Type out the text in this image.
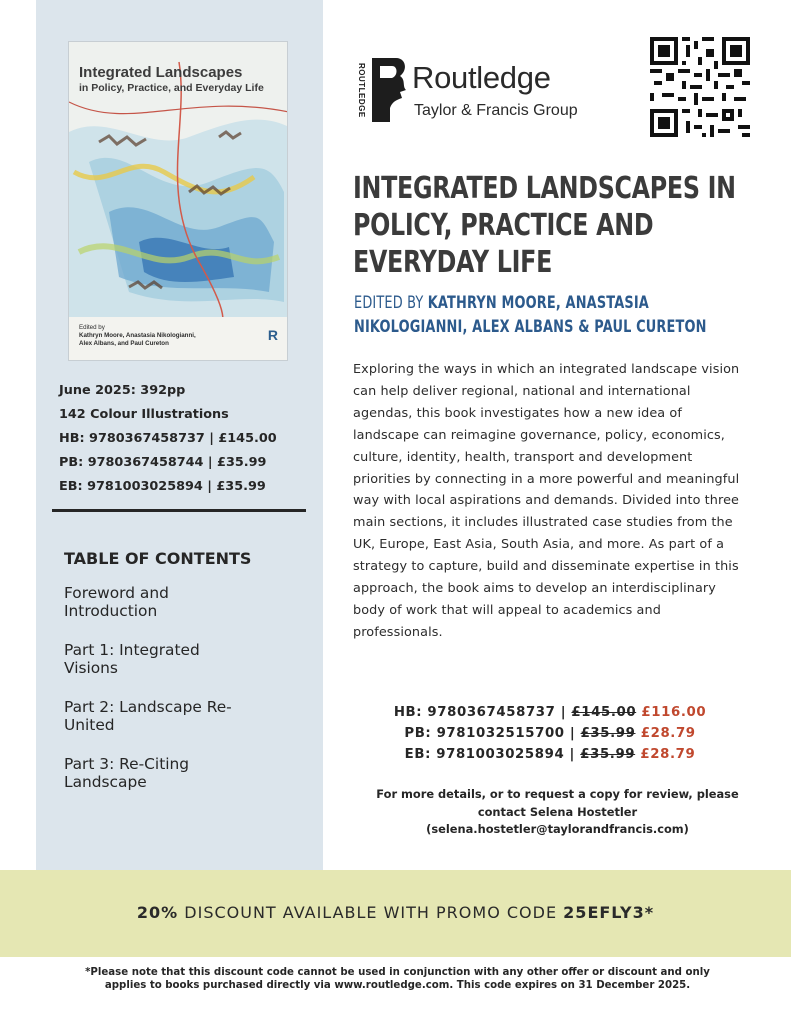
Integrated Landscapes
in Policy, Practice, and Everyday Life
Edited by
Kathryn Moore, Anastasia Nikologianni,
Alex Albans, and Paul Cureton
R
June 2025: 392pp
142 Colour Illustrations
HB: 9780367458737 | £145.00
PB: 9780367458744 | £35.99
EB: 9781003025894 | £35.99
TABLE OF CONTENTS
Foreword and Introduction
Part 1: Integrated Visions
Part 2: Landscape Re-United
Part 3: Re-Citing Landscape
ROUTLEDGE Routledge
Taylor & Francis Group
INTEGRATED LANDSCAPES IN POLICY, PRACTICE AND EVERYDAY LIFE
EDITED BY KATHRYN MOORE, ANASTASIA NIKOLOGIANNI, ALEX ALBANS & PAUL CURETON
Exploring the ways in which an integrated landscape vision can help deliver regional, national and international agendas, this book investigates how a new idea of landscape can reimagine governance, policy, economics, culture, identity, health, transport and development priorities by connecting in a more powerful and meaningful way with local aspirations and demands. Divided into three main sections, it includes illustrated case studies from the UK, Europe, East Asia, South Asia, and more. As part of a strategy to capture, build and disseminate expertise in this approach, the book aims to develop an interdisciplinary body of work that will appeal to academics and professionals.
HB: 9780367458737 | £145.00 £116.00
PB: 9781032515700 | £35.99 £28.79
EB: 9781003025894 | £35.99 £28.79
For more details, or to request a copy for review, please
contact Selena Hostetler
(selena.hostetler@taylorandfrancis.com)
20% DISCOUNT AVAILABLE WITH PROMO CODE 25EFLY3*
*Please note that this discount code cannot be used in conjunction with any other offer or discount and only applies to books purchased directly via www.routledge.com. This code expires on 31 December 2025.
